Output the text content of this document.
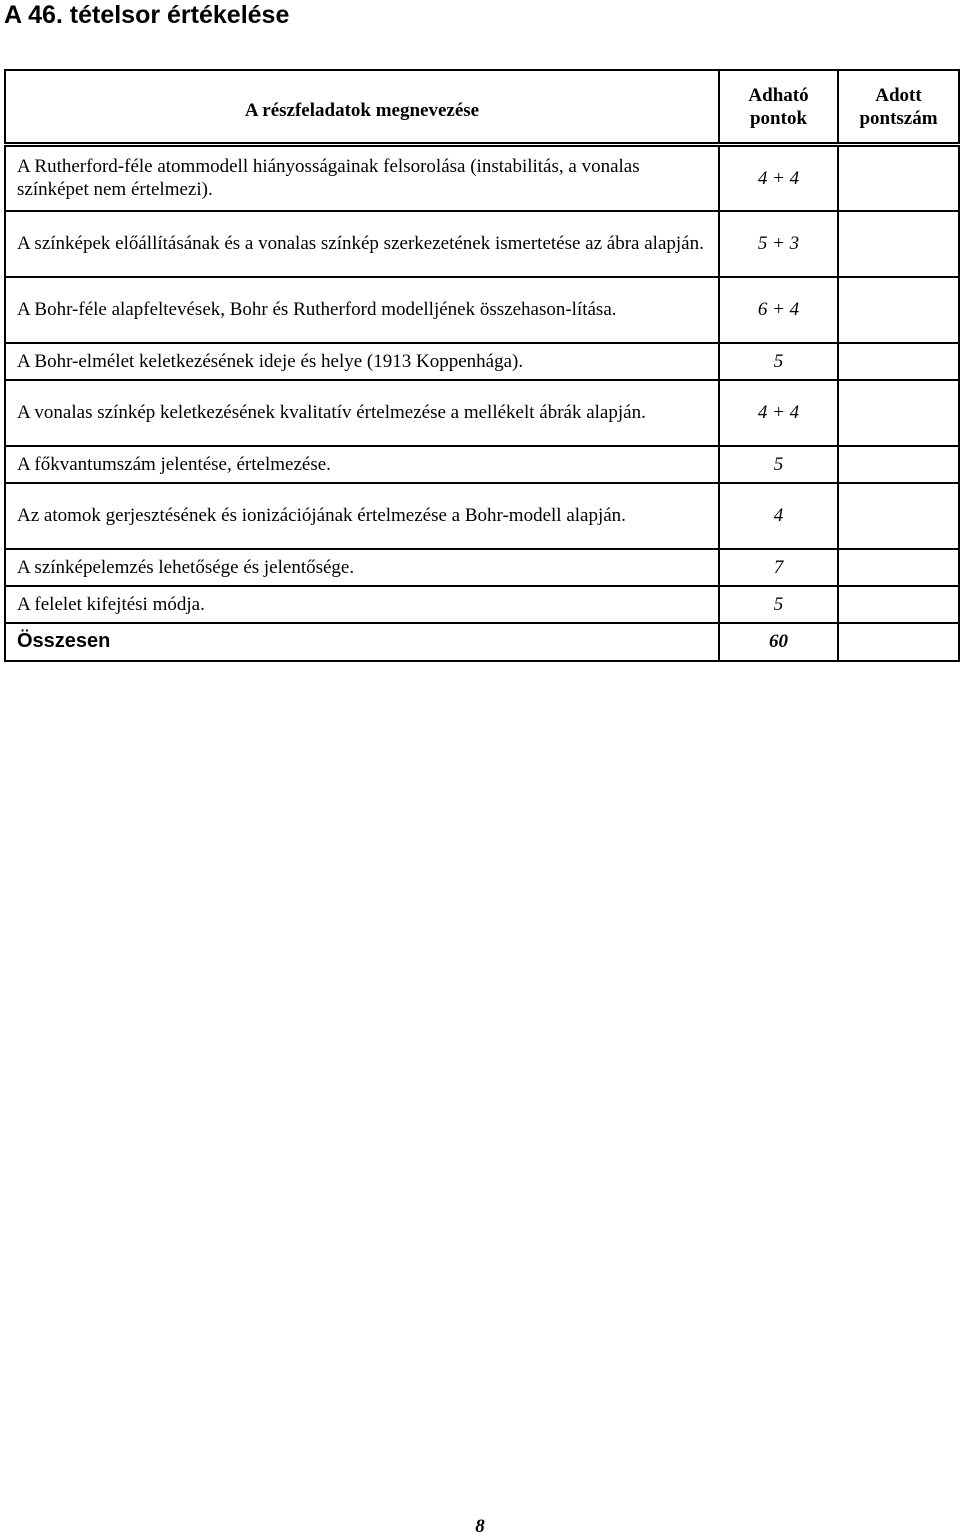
A 46. tételsor értékelése
A részfeladatok megnevezése	Adható pontok	Adott pontszám
A Rutherford-féle atommodell hiányosságainak felsorolása (instabilitás, a vonalas színképet nem értelmezi).	4 + 4	
A színképek előállításának és a vonalas színkép szerkezetének ismertetése az ábra alapján.	5 + 3	
A Bohr-féle alapfeltevések, Bohr és Rutherford modelljének összehason-lítása.	6 + 4	
A Bohr-elmélet keletkezésének ideje és helye (1913 Koppenhága).	5	
A vonalas színkép keletkezésének kvalitatív értelmezése a mellékelt ábrák alapján.	4 + 4	
A főkvantumszám jelentése, értelmezése.	5	
Az atomok gerjesztésének és ionizációjának értelmezése a Bohr-modell alapján.	4	
A színképelemzés lehetősége és jelentősége.	7	
A felelet kifejtési módja.	5	
Összesen	60	
8
